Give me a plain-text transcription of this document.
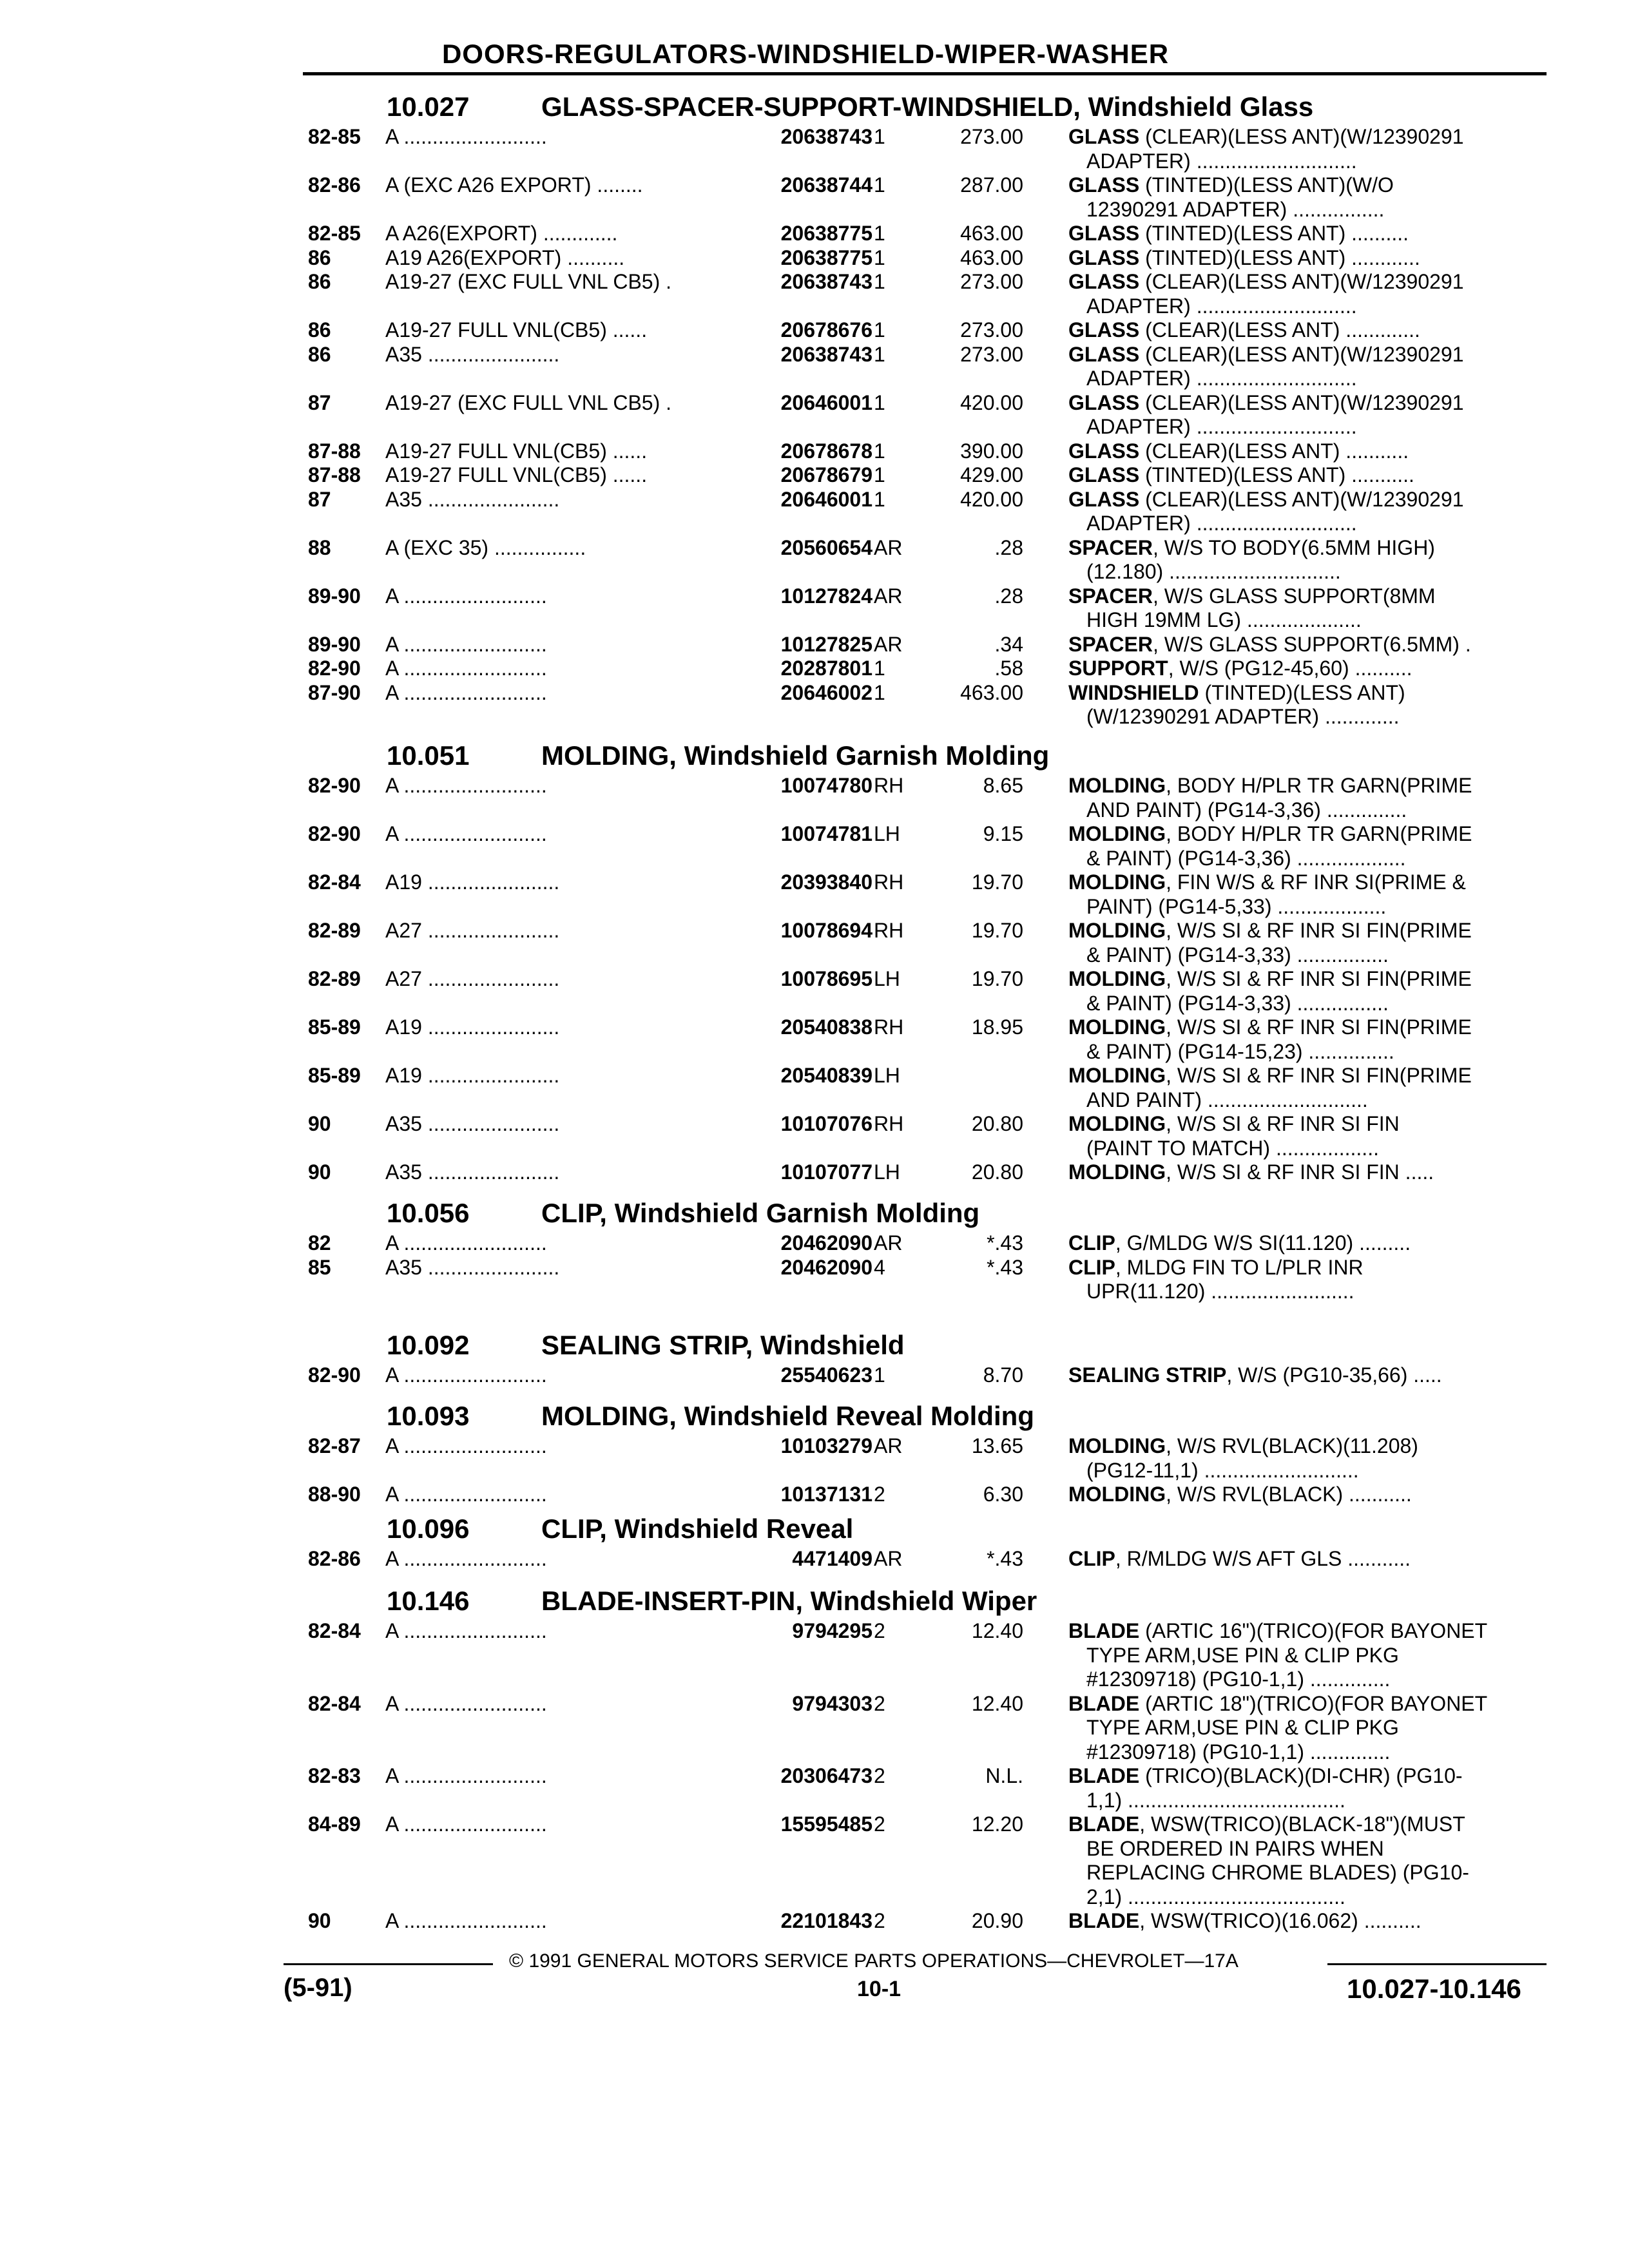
DOORS-REGULATORS-WINDSHIELD-WIPER-WASHER
10.027	GLASS-SPACER-SUPPORT-WINDSHIELD, Windshield Glass
82-85 A .........................	20638743 1	273.00 GLASS (CLEAR)(LESS ANT)(W/12390291
ADAPTER) ............................
82-86 A (EXC A26 EXPORT) ........	20638744 1	287.00 GLASS (TINTED)(LESS ANT)(W/O
12390291 ADAPTER) ................
82-85 A A26(EXPORT) .............	20638775 1	463.00 GLASS (TINTED)(LESS ANT) ..........
86	A19 A26(EXPORT) ..........	20638775 1	463.00 GLASS (TINTED)(LESS ANT) ............
86	A19-27 (EXC FULL VNL CB5) .	20638743 1	273.00 GLASS (CLEAR)(LESS ANT)(W/12390291
ADAPTER) ............................
86	A19-27 FULL VNL(CB5) ......	20678676 1	273.00 GLASS (CLEAR)(LESS ANT) .............
86	A35 .......................	20638743 1	273.00 GLASS (CLEAR)(LESS ANT)(W/12390291
ADAPTER) ............................
87	A19-27 (EXC FULL VNL CB5) .	20646001 1	420.00 GLASS (CLEAR)(LESS ANT)(W/12390291
ADAPTER) ............................
87-88 A19-27 FULL VNL(CB5) ......	20678678 1	390.00 GLASS (CLEAR)(LESS ANT) ...........
87-88 A19-27 FULL VNL(CB5) ......	20678679 1	429.00 GLASS (TINTED)(LESS ANT) ...........
87	A35 .......................	20646001 1	420.00 GLASS (CLEAR)(LESS ANT)(W/12390291
ADAPTER) ............................
88	A (EXC 35) ................	20560654 AR	.28 SPACER, W/S TO BODY(6.5MM HIGH)
(12.180) ..............................
89-90 A .........................	10127824 AR	.28 SPACER, W/S GLASS SUPPORT(8MM
HIGH 19MM LG) ....................
89-90 A .........................	10127825 AR	.34 SPACER, W/S GLASS SUPPORT(6.5MM) .
82-90 A .........................	20287801 1	.58 SUPPORT, W/S (PG12-45,60) ..........
87-90 A .........................	20646002 1	463.00 WINDSHIELD (TINTED)(LESS ANT)
(W/12390291 ADAPTER) .............
10.051	MOLDING, Windshield Garnish Molding
82-90 A .........................	10074780 RH	8.65 MOLDING, BODY H/PLR TR GARN(PRIME
AND PAINT) (PG14-3,36) ..............
82-90 A .........................	10074781 LH	9.15 MOLDING, BODY H/PLR TR GARN(PRIME
& PAINT) (PG14-3,36) ...................
82-84 A19 .......................	20393840 RH	19.70 MOLDING, FIN W/S & RF INR SI(PRIME &
PAINT) (PG14-5,33) ...................
82-89 A27 .......................	10078694 RH	19.70 MOLDING, W/S SI & RF INR SI FIN(PRIME
& PAINT) (PG14-3,33) ................
82-89 A27 .......................	10078695 LH	19.70 MOLDING, W/S SI & RF INR SI FIN(PRIME
& PAINT) (PG14-3,33) ................
85-89 A19 .......................	20540838 RH	18.95 MOLDING, W/S SI & RF INR SI FIN(PRIME
& PAINT) (PG14-15,23) ...............
85-89 A19 .......................	20540839 LH	MOLDING, W/S SI & RF INR SI FIN(PRIME
AND PAINT) ............................
90	A35 .......................	10107076 RH	20.80 MOLDING, W/S SI & RF INR SI FIN
(PAINT TO MATCH) ..................
90	A35 .......................	10107077 LH	20.80 MOLDING, W/S SI & RF INR SI FIN .....
10.056	CLIP, Windshield Garnish Molding
82	A .........................	20462090 AR	*.43 CLIP, G/MLDG W/S SI(11.120) .........
85	A35 .......................	20462090 4	*.43 CLIP, MLDG FIN TO L/PLR INR
UPR(11.120) .........................
10.092	SEALING STRIP, Windshield
82-90 A .........................	25540623 1	8.70 SEALING STRIP, W/S (PG10-35,66) .....
10.093	MOLDING, Windshield Reveal Molding
82-87 A .........................	10103279 AR	13.65 MOLDING, W/S RVL(BLACK)(11.208)
(PG12-11,1) ...........................
88-90 A .........................	10137131 2	6.30 MOLDING, W/S RVL(BLACK) ...........
10.096	CLIP, Windshield Reveal
82-86 A .........................	4471409 AR	*.43 CLIP, R/MLDG W/S AFT GLS ...........
10.146	BLADE-INSERT-PIN, Windshield Wiper
82-84 A .........................	9794295 2	12.40 BLADE (ARTIC 16")(TRICO)(FOR BAYONET
TYPE ARM,USE PIN & CLIP PKG
#12309718) (PG10-1,1) ..............
82-84 A .........................	9794303 2	12.40 BLADE (ARTIC 18")(TRICO)(FOR BAYONET
TYPE ARM,USE PIN & CLIP PKG
#12309718) (PG10-1,1) ..............
82-83 A .........................	20306473 2	N.L. BLADE (TRICO)(BLACK)(DI-CHR) (PG10-
1,1) ......................................
84-89 A .........................	15595485 2	12.20 BLADE, WSW(TRICO)(BLACK-18")(MUST
BE ORDERED IN PAIRS WHEN
REPLACING CHROME BLADES) (PG10-
2,1) ......................................
90	A .........................	22101843 2	20.90 BLADE, WSW(TRICO)(16.062) ..........
© 1991 GENERAL MOTORS SERVICE PARTS OPERATIONS—CHEVROLET—17A
(5-91)	10-1	10.027-10.146
